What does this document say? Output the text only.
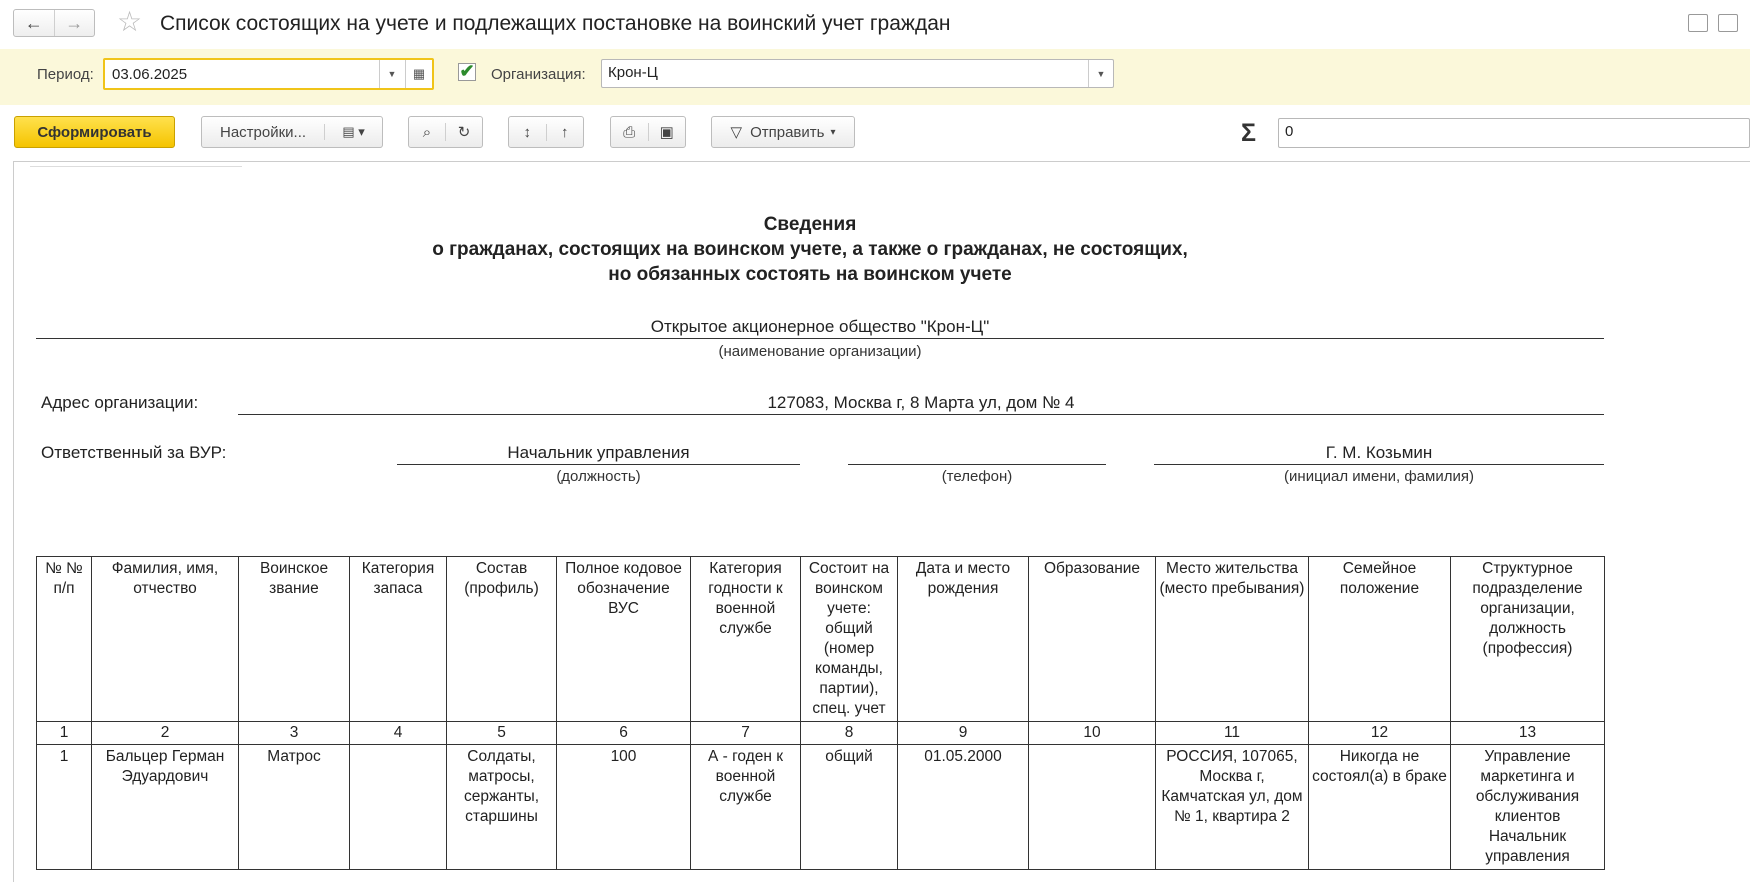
←	→	☆ Список состоящих на учете и подлежащих постановке на воинский учет граждан
Период:	03.06.2025	▼	▦	✔ Организация:	Крон-Ц	▼
Сформировать	Настройки...	▤ ▾	⌕	↻	↕	↑	⎙	▣	▽ Отправить ▾	Σ	0
Сведения
о гражданах, состоящих на воинском учете, а также о гражданах, не состоящих,
но обязанных состоять на воинском учете
Открытое акционерное общество "Крон-Ц"
(наименование организации)
Адрес организации:	127083, Москва г, 8 Марта ул, дом № 4
Ответственный за ВУР:	Начальник управления
(должность)	(телефон)
Г. М. Козьмин
(инициал имени, фамилия)
№ № п/п	Фамилия, имя, отчество	Воинское звание	Категория запаса	Состав (профиль)	Полное кодовое обозначение ВУС	Категория годности к военной службе	Состоит на воинском учете: общий (номер команды, партии), спец. учет	Дата и место рождения	Образование	Место жительства (место пребывания)	Семейное положение	Структурное подразделение организации, должность (профессия)
1	2	3	4	5	6	7	8	9	10	11	12	13
1	Бальцер Герман Эдуардович	Матрос		Солдаты, матросы, сержанты, старшины	100	А - годен к военной службе	общий	01.05.2000		РОССИЯ, 107065, Москва г, Камчатская ул, дом № 1, квартира 2	Никогда не состоял(а) в браке	Управление маркетинга и обслуживания клиентов Начальник управления
